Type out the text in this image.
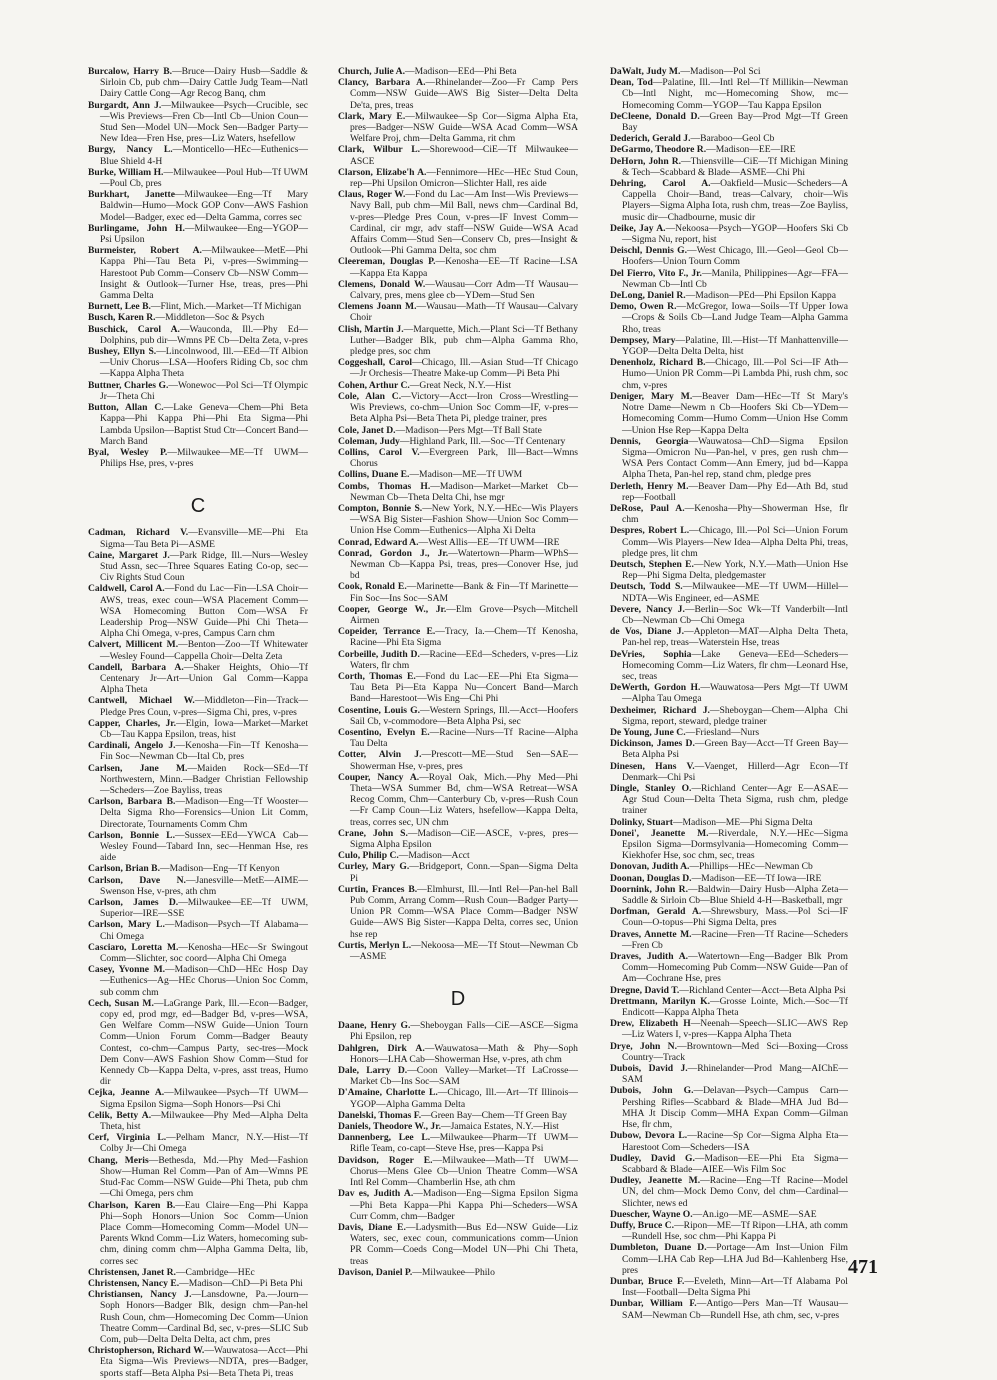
Burcalow, Harry B.—Bruce—Dairy Husb—Saddle & Sirloin Cb, pub chm—Dairy Cattle Judg Team—Natl Dairy Cattle Cong—Agr Recog Banq, chm
Burgardt, Ann J.—Milwaukee—Psych—Crucible, sec—Wis Previews—Fren Cb—Intl Cb—Union Coun—Stud Sen—Model UN—Mock Sen—Badger Party—New Idea—Fren Hse, pres—Liz Waters, hsefellow
Burgy, Nancy L.—Monticello—HEc—Euthenics—Blue Shield 4-H
Burke, William H.—Milwaukee—Poul Hub—Tf UWM—Poul Cb, pres
Burkhart, Janette—Milwaukee—Eng—Tf Mary Baldwin—Humo—Mock GOP Conv—AWS Fashion Model—Badger, exec ed—Delta Gamma, corres sec
Burlingame, John H.—Milwaukee—Eng—YGOP—Psi Upsilon
Burmeister, Robert A.—Milwaukee—MetE—Phi Kappa Phi—Tau Beta Pi, v-pres—Swimming—Harestoot Pub Comm—Conserv Cb—NSW Comm—Insight & Outlook—Turner Hse, treas, pres—Phi Gamma Delta
Burnett, Lee B.—Flint, Mich.—Market—Tf Michigan
Busch, Karen R.—Middleton—Soc & Psych
Buschick, Carol A.—Wauconda, Ill.—Phy Ed—Dolphins, pub dir—Wmns PE Cb—Delta Zeta, v-pres
Bushey, Ellyn S.—Lincolnwood, Ill.—EEd—Tf Albion—Univ Chorus—LSA—Hoofers Riding Cb, soc chm—Kappa Alpha Theta
Buttner, Charles G.—Wonewoc—Pol Sci—Tf Olympic Jr—Theta Chi
Button, Allan C.—Lake Geneva—Chem—Phi Beta Kappa—Phi Kappa Phi—Phi Eta Sigma—Phi Lambda Upsilon—Baptist Stud Ctr—Concert Band—March Band
Byal, Wesley P.—Milwaukee—ME—Tf UWM—Philips Hse, pres, v-pres
C
Cadman, Richard V.—Evansville—ME—Phi Eta Sigma—Tau Beta Pi—ASME
Caine, Margaret J.—Park Ridge, Ill.—Nurs—Wesley Stud Assn, sec—Three Squares Eating Co-op, sec—Civ Rights Stud Coun
Caldwell, Carol A.—Fond du Lac—Fin—LSA Choir—AWS, treas, exec coun—WSA Placement Comm—WSA Homecoming Button Com—WSA Fr Leadership Prog—NSW Guide—Phi Chi Theta—Alpha Chi Omega, v-pres, Campus Carn chm
Calvert, Millicent M.—Benton—Zoo—Tf Whitewater—Wesley Found—Cappella Choir—Delta Zeta
Candell, Barbara A.—Shaker Heights, Ohio—Tf Centenary Jr—Art—Union Gal Comm—Kappa Alpha Theta
Cantwell, Michael W.—Middleton—Fin—Track—Pledge Pres Coun, v-pres—Sigma Chi, pres, v-pres
Capper, Charles, Jr.—Elgin, Iowa—Market—Market Cb—Tau Kappa Epsilon, treas, hist
Cardinali, Angelo J.—Kenosha—Fin—Tf Kenosha—Fin Soc—Newman Cb—Ital Cb, pres
Carlsen, Jane M.—Maiden Rock—SEd—Tf Northwestern, Minn.—Badger Christian Fellowship—Scheders—Zoe Bayliss, treas
Carlson, Barbara B.—Madison—Eng—Tf Wooster—Delta Sigma Rho—Forensics—Union Lit Comm, Directorate, Tournaments Comm Chm
Carlson, Bonnie L.—Sussex—EEd—YWCA Cab—Wesley Found—Tabard Inn, sec—Henman Hse, res aide
Carlson, Brian B.—Madison—Eng—Tf Kenyon
Carlson, Dave N.—Janesville—MetE—AIME—Swenson Hse, v-pres, ath chm
Carlson, James D.—Milwaukee—EE—Tf UWM, Superior—IRE—SSE
Carlson, Mary L.—Madison—Psych—Tf Alabama—Chi Omega
Casciaro, Loretta M.—Kenosha—HEc—Sr Swingout Comm—Slichter, soc coord—Alpha Chi Omega
Casey, Yvonne M.—Madison—ChD—HEc Hosp Day—Euthenics—Ag—HEc Chorus—Union Soc Comm, sub comm chm
Cech, Susan M.—LaGrange Park, Ill.—Econ—Badger, copy ed, prod mgr, ed—Badger Bd, v-pres—WSA, Gen Welfare Comm—NSW Guide—Union Tourn Comm—Union Forum Comm—Badger Beauty Contest, co-chm—Campus Party, sec-tres—Mock Dem Conv—AWS Fashion Show Comm—Stud for Kennedy Cb—Kappa Delta, v-pres, asst treas, Humo dir
Cejka, Jeanne A.—Milwaukee—Psych—Tf UWM—Sigma Epsilon Sigma—Soph Honors—Psi Chi
Celik, Betty A.—Milwaukee—Phy Med—Alpha Delta Theta, hist
Cerf, Virginia L.—Pelham Mancr, N.Y.—Hist—Tf Colby Jr—Chi Omega
Chang, Meris—Bethesda, Md.—Phy Med—Fashion Show—Human Rel Comm—Pan of Am—Wmns PE Stud-Fac Comm—NSW Guide—Phi Theta, pub chm—Chi Omega, pers chm
Charlson, Karen B.—Eau Claire—Eng—Phi Kappa Phi—Soph Honors—Union Soc Comm—Union Place Comm—Homecoming Comm—Model UN—Parents Wknd Comm—Liz Waters, homecoming sub-chm, dining comm chm—Alpha Gamma Delta, lib, corres sec
Christensen, Janet R.—Cambridge—HEc
Christensen, Nancy E.—Madison—ChD—Pi Beta Phi
Christiansen, Nancy J.—Lansdowne, Pa.—Journ—Soph Honors—Badger Blk, design chm—Pan-hel Rush Coun, chm—Homecoming Dec Comm—Union Theatre Comm—Cardinal Bd, sec, v-pres—SLIC Sub Com, pub—Delta Delta Delta, act chm, pres
Christopherson, Richard W.—Wauwatosa—Acct—Phi Eta Sigma—Wis Previews—NDTA, pres—Badger, sports staff—Beta Alpha Psi—Beta Theta Pi, treas
Church, Julie A.—Madison—EEd—Phi Beta
Clancy, Barbara A.—Rhinelander—Zoo—Fr Camp Pers Comm—NSW Guide—AWS Big Sister—Delta Delta De'ta, pres, treas
Clark, Mary E.—Milwaukee—Sp Cor—Sigma Alpha Eta, pres—Badger—NSW Guide—WSA Acad Comm—WSA Welfare Proj, chm—Delta Gamma, rit chm
Clark, Wilbur L.—Shorewood—CiE—Tf Milwaukee—ASCE
Clarson, Elizabe'h A.—Fennimore—HEc—HEc Stud Coun, rep—Phi Upsilon Omicron—Slichter Hall, res aide
Claus, Roger W.—Fond du Lac—Am Inst—Wis Previews—Navy Ball, pub chm—Mil Ball, news chm—Cardinal Bd, v-pres—Pledge Pres Coun, v-pres—IF Invest Comm—Cardinal, cir mgr, adv staff—NSW Guide—WSA Acad Affairs Comm—Stud Sen—Conserv Cb, pres—Insight & Outlook—Phi Gamma Delta, soc chm
Cleereman, Douglas P.—Kenosha—EE—Tf Racine—LSA—Kappa Eta Kappa
Clemens, Donald W.—Wausau—Corr Adm—Tf Wausau—Calvary, pres, mens glee cb—YDem—Stud Sen
Clemens Joann M.—Wausau—Math—Tf Wausau—Calvary Choir
Clish, Martin J.—Marquette, Mich.—Plant Sci—Tf Bethany Luther—Badger Blk, pub chm—Alpha Gamma Rho, pledge pres, soc chm
Coggeshall, Carol—Chicago, Ill.—Asian Stud—Tf Chicago—Jr Orchesis—Theatre Make-up Comm—Pi Beta Phi
Cohen, Arthur C.—Great Neck, N.Y.—Hist
Cole, Alan C.—Victory—Acct—Iron Cross—Wrestling—Wis Previews, co-chm—Union Soc Comm—IF, v-pres—Beta Alpha Psi—Beta Theta Pi, pledge trainer, pres
Cole, Janet D.—Madison—Pers Mgt—Tf Ball State
Coleman, Judy—Highland Park, Ill.—Soc—Tf Centenary
Collins, Carol V.—Evergreen Park, Ill—Bact—Wmns Chorus
Collins, Duane E.—Madison—ME—Tf UWM
Combs, Thomas H.—Madison—Market—Market Cb—Newman Cb—Theta Delta Chi, hse mgr
Compton, Bonnie S.—New York, N.Y.—HEc—Wis Players—WSA Big Sister—Fashion Show—Union Soc Comm—Union Hse Comm—Euthenics—Alpha Xi Delta
Conrad, Edward A.—West Allis—EE—Tf UWM—IRE
Conrad, Gordon J., Jr.—Watertown—Pharm—WPhS—Newman Cb—Kappa Psi, treas, pres—Conover Hse, jud bd
Cook, Ronald E.—Marinette—Bank & Fin—Tf Marinette—Fin Soc—Ins Soc—SAM
Cooper, George W., Jr.—Elm Grove—Psych—Mitchell Airmen
Copeider, Terrance E.—Tracy, Ia.—Chem—Tf Kenosha, Racine—Phi Eta Sigma
Corbeille, Judith D.—Racine—EEd—Scheders, v-pres—Liz Waters, flr chm
Corth, Thomas E.—Fond du Lac—EE—Phi Eta Sigma—Tau Beta Pi—Eta Kappa Nu—Concert Band—March Band—Harestoot—Wis Eng—Chi Phi
Cosentine, Louis G.—Western Springs, Ill.—Acct—Hoofers Sail Cb, v-commodore—Beta Alpha Psi, sec
Cosentino, Evelyn E.—Racine—Nurs—Tf Racine—Alpha Tau Delta
Cotter, Alvin J.—Prescott—ME—Stud Sen—SAE—Showerman Hse, v-pres, pres
Couper, Nancy A.—Royal Oak, Mich.—Phy Med—Phi Theta—WSA Summer Bd, chm—WSA Retreat—WSA Recog Comm, Chm—Canterbury Cb, v-pres—Rush Coun—Fr Camp Coun—Liz Waters, hsefellow—Kappa Delta, treas, corres sec, UN chm
Crane, John S.—Madison—CiE—ASCE, v-pres, pres—Sigma Alpha Epsilon
Culo, Philip C.—Madison—Acct
Curley, Mary G.—Bridgeport, Conn.—Span—Sigma Delta Pi
Curtin, Frances B.—Elmhurst, Ill.—Intl Rel—Pan-hel Ball Pub Comm, Arrang Comm—Rush Coun—Badger Party—Union PR Comm—WSA Place Comm—Badger NSW Guide—AWS Big Sister—Kappa Delta, corres sec, Union hse rep
Curtis, Merlyn L.—Nekoosa—ME—Tf Stout—Newman Cb—ASME
D
Daane, Henry G.—Sheboygan Falls—CiE—ASCE—Sigma Phi Epsilon, rep
Dahlgren, Dirk A.—Wauwatosa—Math & Phy—Soph Honors—LHA Cab—Showerman Hse, v-pres, ath chm
Dale, Larry D.—Coon Valley—Market—Tf LaCrosse—Market Cb—Ins Soc—SAM
D'Amaine, Charlotte L.—Chicago, Ill.—Art—Tf Illinois—YGOP—Alpha Gamma Delta
Danelski, Thomas F.—Green Bay—Chem—Tf Green Bay
Daniels, Theodore W., Jr.—Jamaica Estates, N.Y.—Hist
Dannenberg, Lee L.—Milwaukee—Pharm—Tf UWM—Rifle Team, co-capt—Steve Hse, pres—Kappa Psi
Davidson, Roger E.—Milwaukee—Math—Tf UWM—Chorus—Mens Glee Cb—Union Theatre Comm—WSA Intl Rel Comm—Chamberlin Hse, ath chm
Dav es, Judith A.—Madison—Eng—Sigma Epsilon Sigma—Phi Beta Kappa—Phi Kappa Phi—Scheders—WSA Curr Comm, chm—Badger
Davis, Diane E.—Ladysmith—Bus Ed—NSW Guide—Liz Waters, sec, exec coun, communications comm—Union PR Comm—Coeds Cong—Model UN—Phi Chi Theta, treas
Davison, Daniel P.—Milwaukee—Philo
DaWalt, Judy M.—Madison—Pol Sci
Dean, Tod—Palatine, Ill.—Intl Rel—Tf Millikin—Newman Cb—Intl Night, mc—Homecoming Show, mc—Homecoming Comm—YGOP—Tau Kappa Epsilon
DeCleene, Donald D.—Green Bay—Prod Mgt—Tf Green Bay
Dederich, Gerald J.—Baraboo—Geol Cb
DeGarmo, Theodore R.—Madison—EE—IRE
DeHorn, John R.—Thiensville—CiE—Tf Michigan Mining & Tech—Scabbard & Blade—ASME—Chi Phi
Dehring, Carol A.—Oakfield—Music—Scheders—A Cappella Choir—Band, treas—Calvary, choir—Wis Players—Sigma Alpha Iota, rush chm, treas—Zoe Bayliss, music dir—Chadbourne, music dir
Deike, Jay A.—Nekoosa—Psych—YGOP—Hoofers Ski Cb—Sigma Nu, report, hist
Deischl, Dennis G.—West Chicago, Ill.—Geol—Geol Cb—Hoofers—Union Tourn Comm
Del Fierro, Vito F., Jr.—Manila, Philippines—Agr—FFA—Newman Cb—Intl Cb
DeLong, Daniel R.—Madison—PEd—Phi Epsilon Kappa
Demo, Owen R.—McGregor, Iowa—Soils—Tf Upper Iowa—Crops & Soils Cb—Land Judge Team—Alpha Gamma Rho, treas
Dempsey, Mary—Palatine, Ill.—Hist—Tf Manhattenville—YGOP—Delta Delta Delta, hist
Denenholz, Richard B.—Chicago, Ill.—Pol Sci—IF Ath—Humo—Union PR Comm—Pi Lambda Phi, rush chm, soc chm, v-pres
Deniger, Mary M.—Beaver Dam—HEc—Tf St Mary's Notre Dame—Newm n Cb—Hoofers Ski Cb—YDem—Homecoming Comm—Humo Comm—Union Hse Comm—Union Hse Rep—Kappa Delta
Dennis, Georgia—Wauwatosa—ChD—Sigma Epsilon Sigma—Omicron Nu—Pan-hel, v pres, gen rush chm—WSA Pers Contact Comm—Ann Emery, jud bd—Kappa Alpha Theta, Pan-hel rep, stand chm, pledge pres
Derleth, Henry M.—Beaver Dam—Phy Ed—Ath Bd, stud rep—Football
DeRose, Paul A.—Kenosha—Phy—Showerman Hse, flr chm
Despres, Robert L.—Chicago, Ill.—Pol Sci—Union Forum Comm—Wis Players—New Idea—Alpha Delta Phi, treas, pledge pres, lit chm
Deutsch, Stephen E.—New York, N.Y.—Math—Union Hse Rep—Phi Sigma Delta, pledgemaster
Deutsch, Todd S.—Milwaukee—ME—Tf UWM—Hillel—NDTA—Wis Engineer, ed—ASME
Devere, Nancy J.—Berlin—Soc Wk—Tf Vanderbilt—Intl Cb—Newman Cb—Chi Omega
de Vos, Diane J.—Appleton—MAT—Alpha Delta Theta, Pan-hel rep, treas—Waterstein Hse, treas
DeVries, Sophia—Lake Geneva—EEd—Scheders—Homecoming Comm—Liz Waters, flr chm—Leonard Hse, sec, treas
DeWerth, Gordon H.—Wauwatosa—Pers Mgt—Tf UWM—Alpha Tau Omega
Dexheimer, Richard J.—Sheboygan—Chem—Alpha Chi Sigma, report, steward, pledge trainer
De Young, June C.—Friesland—Nurs
Dickinson, James D.—Green Bay—Acct—Tf Green Bay—Beta Alpha Psi
Dinesen, Hans V.—Vaenget, Hillerd—Agr Econ—Tf Denmark—Chi Psi
Dingle, Stanley O.—Richland Center—Agr E—ASAE—Agr Stud Coun—Delta Theta Sigma, rush chm, pledge trainer
Dolinky, Stuart—Madison—ME—Phi Sigma Delta
Donei', Jeanette M.—Riverdale, N.Y.—HEc—Sigma Epsilon Sigma—Dormsylvania—Homecoming Comm—Kiekhofer Hse, soc chm, sec, treas
Donovan, Judith A.—Phillips—HEc—Newman Cb
Doonan, Douglas D.—Madison—EE—Tf Iowa—IRE
Doornink, John R.—Baldwin—Dairy Husb—Alpha Zeta—Saddle & Sirloin Cb—Blue Shield 4-H—Basketball, mgr
Dorfman, Gerald A.—Shrewsbury, Mass.—Pol Sci—IF Coun—O-topus—Phi Sigma Delta, pres
Draves, Annette M.—Racine—Fren—Tf Racine—Scheders—Fren Cb
Draves, Judith A.—Watertown—Eng—Badger Blk Prom Comm—Homecoming Pub Comm—NSW Guide—Pan of Am—Cochrane Hse, pres
Dregne, David T.—Richland Center—Acct—Beta Alpha Psi
Drettmann, Marilyn K.—Grosse Lointe, Mich.—Soc—Tf Endicott—Kappa Alpha Theta
Drew, Elizabeth H—Neenah—Speech—SLIC—AWS Rep—Liz Waters I, v-pres—Kappa Alpha Theta
Drye, John N.—Browntown—Med Sci—Boxing—Cross Country—Track
Dubois, David J.—Rhinelander—Prod Mang—AIChE—SAM
Dubois, John G.—Delavan—Psych—Campus Carn—Pershing Rifles—Scabbard & Blade—MHA Jud Bd—MHA Jt Discip Comm—MHA Expan Comm—Gilman Hse, flr chm,
Dubow, Devora L.—Racine—Sp Cor—Sigma Alpha Eta—Harestoot Com—Scheders—ISA
Dudley, David G.—Madison—EE—Phi Eta Sigma—Scabbard & Blade—AIEE—Wis Film Soc
Dudley, Jeanette M.—Racine—Eng—Tf Racine—Model UN, del chm—Mock Demo Conv, del chm—Cardinal—Slichter, news ed
Duescher, Wayne O.—An.igo—ME—ASME—SAE
Duffy, Bruce C.—Ripon—ME—Tf Ripon—LHA, ath comm—Rundell Hse, soc chm—Phi Kappa Pi
Dumbleton, Duane D.—Portage—Am Inst—Union Film Comm—LHA Cab Rep—LHA Jud Bd—Kahlenberg Hse, pres
Dunbar, Bruce F.—Eveleth, Minn—Art—Tf Alabama Pol Inst—Football—Delta Sigma Phi
Dunbar, William F.—Antigo—Pers Man—Tf Wausau—SAM—Newman Cb—Rundell Hse, ath chm, sec, v-pres
471
